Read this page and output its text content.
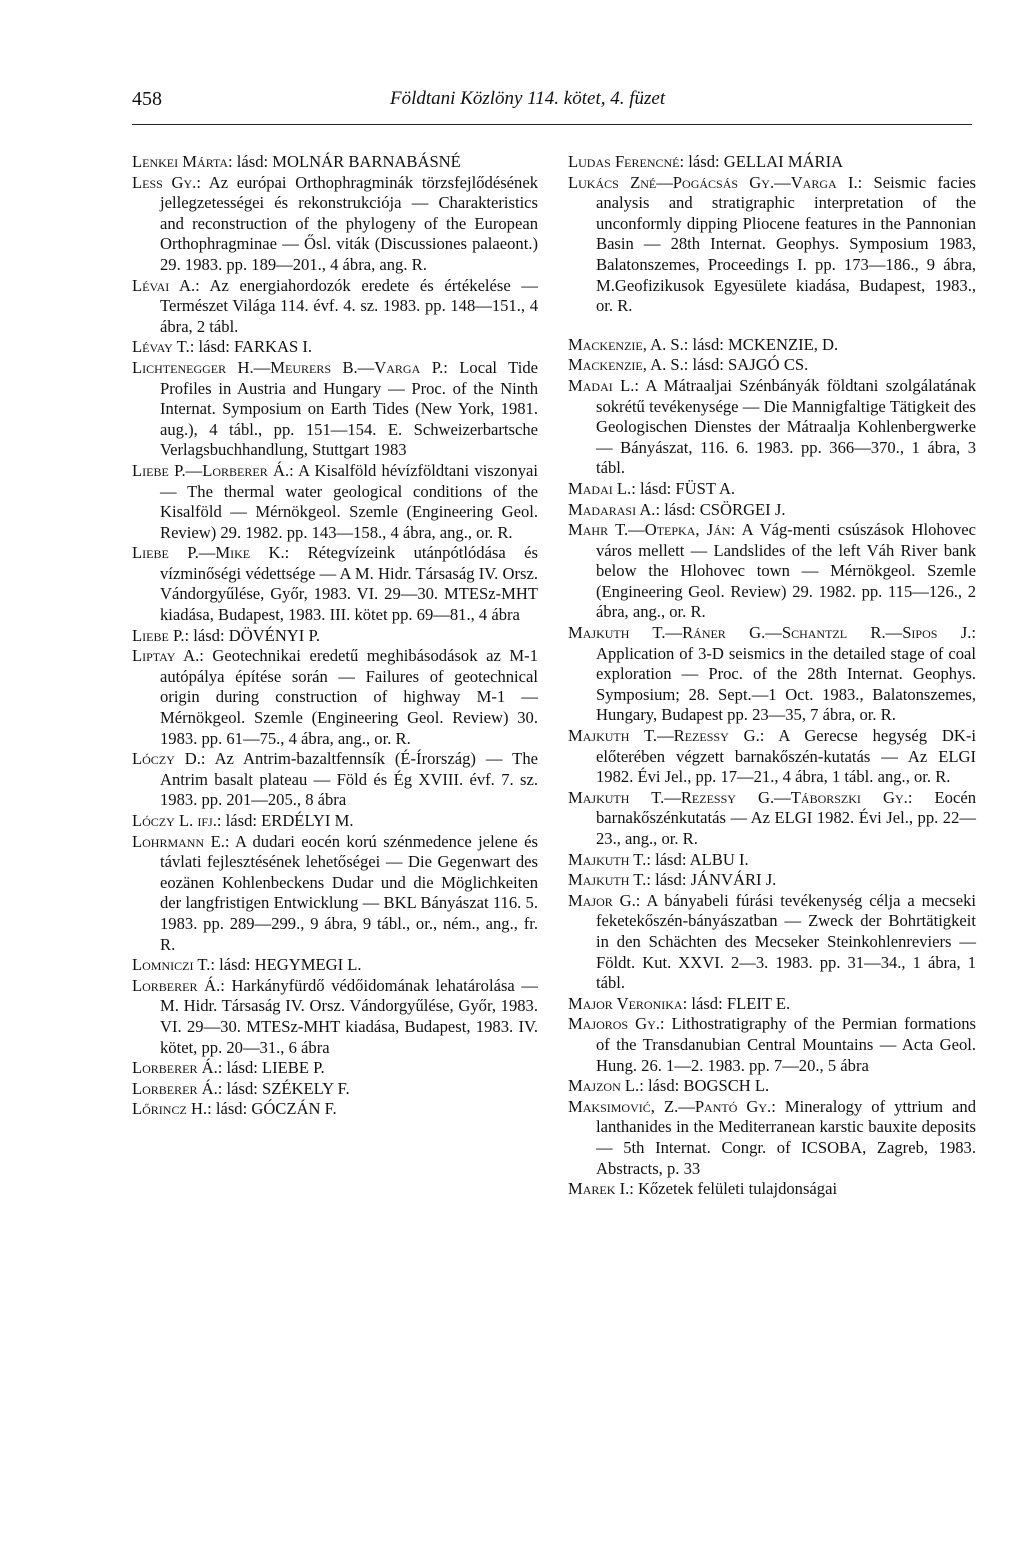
458	Földtani Közlöny 114. kötet, 4. füzet

Lenkei Márta: lásd: MOLNÁR BARNABÁSNÉ

Less Gy.: Az európai Orthophragminák törzsfejlődésének jellegzetességei és rekonstrukciója — Charakteristics and reconstruction of the phylogeny of the European Orthophragminae — Ősl. viták (Discussiones palaeont.) 29. 1983. pp. 189—201., 4 ábra, ang. R.

Lévai A.: Az energiahordozók eredete és értékelése — Természet Világa 114. évf. 4. sz. 1983. pp. 148—151., 4 ábra, 2 tábl.

Lévay T.: lásd: FARKAS I.

Lichtenegger H.—Meurers B.—Varga P.: Local Tide Profiles in Austria and Hungary — Proc. of the Ninth Internat. Symposium on Earth Tides (New York, 1981. aug.), 4 tábl., pp. 151—154. E. Schweizerbartsche Verlagsbuchhandlung, Stuttgart 1983

Liebe P.—Lorberer Á.: A Kisalföld hévízföldtani viszonyai — The thermal water geological conditions of the Kisalföld — Mérnökgeol. Szemle (Engineering Geol. Review) 29. 1982. pp. 143—158., 4 ábra, ang., or. R.

Liebe P.—Mike K.: Rétegvízeink utánpótlódása és vízminőségi védettsége — A M. Hidr. Társaság IV. Orsz. Vándorgyűlése, Győr, 1983. VI. 29—30. MTESz-MHT kiadása, Budapest, 1983. III. kötet pp. 69—81., 4 ábra

Liebe P.: lásd: DÖVÉNYI P.

Liptay A.: Geotechnikai eredetű meghibásodások az M-1 autópálya építése során — Failures of geotechnical origin during construction of highway M-1 — Mérnökgeol. Szemle (Engineering Geol. Review) 30. 1983. pp. 61—75., 4 ábra, ang., or. R.

Lóczy D.: Az Antrim-bazaltfennsík (É-Írország) — The Antrim basalt plateau — Föld és Ég XVIII. évf. 7. sz. 1983. pp. 201—205., 8 ábra

Lóczy L. ifj.: lásd: ERDÉLYI M.

Lohrmann E.: A dudari eocén korú szénmedence jelene és távlati fejlesztésének lehetőségei — Die Gegenwart des eozänen Kohlenbeckens Dudar und die Möglichkeiten der langfristigen Entwicklung — BKL Bányászat 116. 5. 1983. pp. 289—299., 9 ábra, 9 tábl., or., ném., ang., fr. R.

Lomniczi T.: lásd: HEGYMEGI L.

Lorberer Á.: Harkányfürdő védőidomának lehatárolása — M. Hidr. Társaság IV. Orsz. Vándorgyűlése, Győr, 1983. VI. 29—30. MTESz-MHT kiadása, Budapest, 1983. IV. kötet, pp. 20—31., 6 ábra

Lorberer Á.: lásd: LIEBE P.

Lorberer Á.: lásd: SZÉKELY F.

Lőrincz H.: lásd: GÓCZÁN F.

Ludas Ferencné: lásd: GELLAI MÁRIA

Lukács Zné—Pogácsás Gy.—Varga I.: Seismic facies analysis and stratigraphic interpretation of the unconformly dipping Pliocene features in the Pannonian Basin — 28th Internat. Geophys. Symposium 1983, Balatonszemes, Proceedings I. pp. 173—186., 9 ábra, M.Geofizikusok Egyesülete kiadása, Budapest, 1983., or. R.

Mackenzie, A. S.: lásd: MCKENZIE, D.

Mackenzie, A. S.: lásd: SAJGÓ CS.

Madai L.: A Mátraaljai Szénbányák földtani szolgálatának sokrétű tevékenysége — Die Mannigfaltige Tätigkeit des Geologischen Dienstes der Mátraalja Kohlenbergwerke — Bányászat, 116. 6. 1983. pp. 366—370., 1 ábra, 3 tábl.

Madai L.: lásd: FÜST A.

Madarasi A.: lásd: CSÖRGEI J.

Mahr T.—Otepka, Ján: A Vág-menti csúszások Hlohovec város mellett — Landslides of the left Váh River bank below the Hlohovec town — Mérnökgeol. Szemle (Engineering Geol. Review) 29. 1982. pp. 115—126., 2 ábra, ang., or. R.

Majkuth T.—Ráner G.—Schantzl R.—Sipos J.: Application of 3-D seismics in the detailed stage of coal exploration — Proc. of the 28th Internat. Geophys. Symposium; 28. Sept.—1 Oct. 1983., Balatonszemes, Hungary, Budapest pp. 23—35, 7 ábra, or. R.

Majkuth T.—Rezessy G.: A Gerecse hegység DK-i előterében végzett barnakőszén-kutatás — Az ELGI 1982. Évi Jel., pp. 17—21., 4 ábra, 1 tábl. ang., or. R.

Majkuth T.—Rezessy G.—Táborszki Gy.: Eocén barnakőszénkutatás — Az ELGI 1982. Évi Jel., pp. 22—23., ang., or. R.

Majkuth T.: lásd: ALBU I.

Majkuth T.: lásd: JÁNVÁRI J.

Major G.: A bányabeli fúrási tevékenység célja a mecseki feketekőszén-bányászatban — Zweck der Bohrtätigkeit in den Schächten des Mecseker Steinkohlenreviers — Földt. Kut. XXVI. 2—3. 1983. pp. 31—34., 1 ábra, 1 tábl.

Major Veronika: lásd: FLEIT E.

Majoros Gy.: Lithostratigraphy of the Permian formations of the Transdanubian Central Mountains — Acta Geol. Hung. 26. 1—2. 1983. pp. 7—20., 5 ábra

Majzon L.: lásd: BOGSCH L.

Maksimović, Z.—Pantó Gy.: Mineralogy of yttrium and lanthanides in the Mediterranean karstic bauxite deposits — 5th Internat. Congr. of ICSOBA, Zagreb, 1983. Abstracts, p. 33

Marek I.: Kőzetek felületi tulajdonságai
